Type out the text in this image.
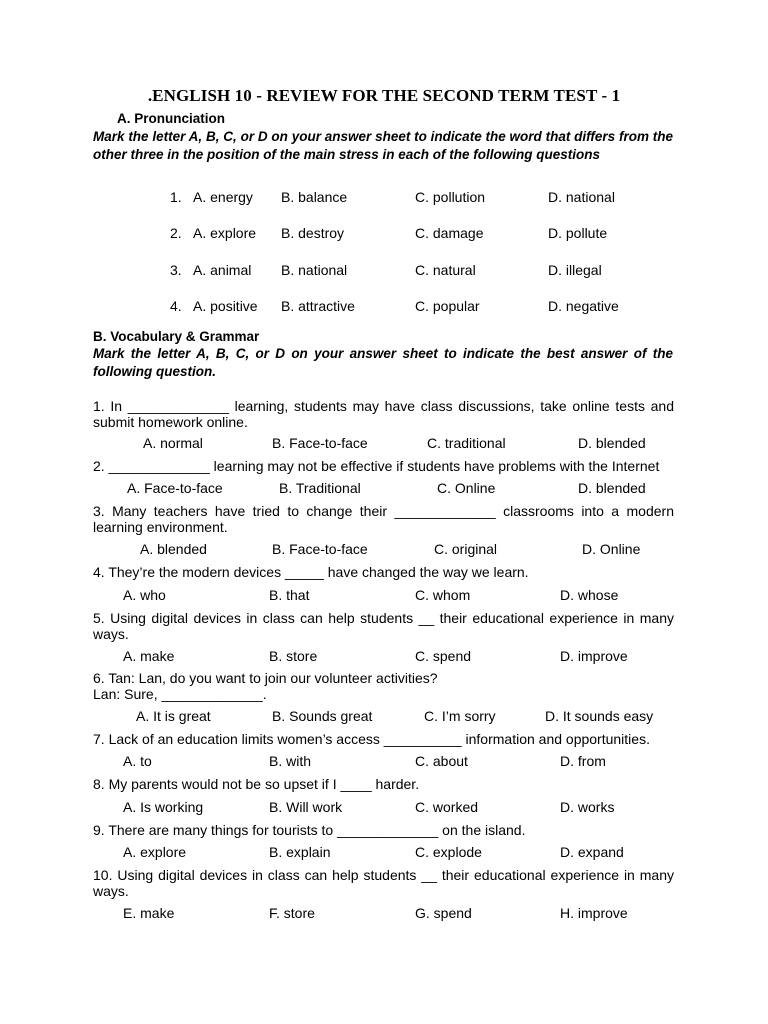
.ENGLISH 10 - REVIEW FOR THE SECOND TERM TEST - 1
A. Pronunciation
Mark the letter A, B, C, or D on your answer sheet to indicate the word that differs from the other three in the position of the main stress in each of the following questions
1. A. energy B. balance	C. pollution	D. national
2. A. explore B. destroy	C. damage	D. pollute
3. A. animal B. national	C. natural	D. illegal
4. A. positive B. attractive	C. popular	D. negative
B. Vocabulary & Grammar
Mark the letter A, B, C, or D on your answer sheet to indicate the best answer of the following question.
1. In _____________ learning, students may have class discussions, take online tests and submit homework online.
A. normal	B. Face-to-face	C. traditional	D. blended
2. _____________ learning may not be effective if students have problems with the Internet
A. Face-to-face	B. Traditional	C. Online	D. blended
3. Many teachers have tried to change their _____________ classrooms into a modern learning environment.
A. blended	B. Face-to-face	C. original	D. Online
4. They’re the modern devices _____ have changed the way we learn.
A. who	B. that	C. whom	D. whose
5. Using digital devices in class can help students __ their educational experience in many ways.
A. make	B. store	C. spend	D. improve
6. Tan: Lan, do you want to join our volunteer activities?
Lan: Sure, _____________.
A. It is great	B. Sounds great	C. I’m sorry	D. It sounds easy
7. Lack of an education limits women’s access __________ information and opportunities.
A. to	B. with	C. about	D. from
8. My parents would not be so upset if I ____ harder.
A. Is working	B. Will work	C. worked	D. works
9. There are many things for tourists to _____________ on the island.
A. explore	B. explain	C. explode	D. expand
10. Using digital devices in class can help students __ their educational experience in many ways.
E. make	F. store	G. spend	H. improve
